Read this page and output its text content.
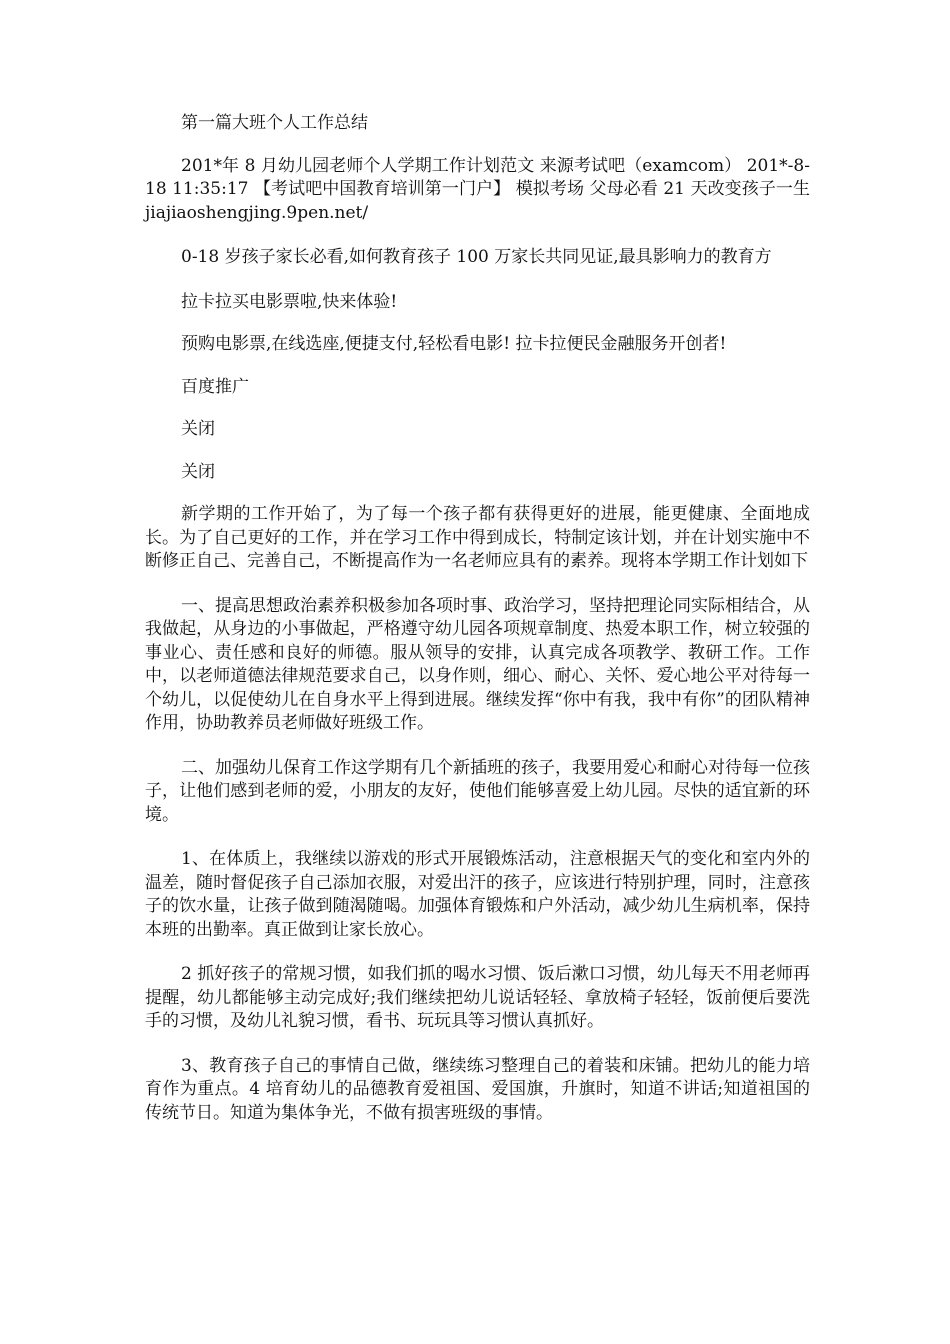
第一篇大班个人工作总结

201*年 8 月幼儿园老师个人学期工作计划范文 来源考试吧（examcom） 201*-8-18 11:35:17 【考试吧中国教育培训第一门户】 模拟考场 父母必看 21 天改变孩子一生 jiajiaoshengjing.9pen.net/

0-18 岁孩子家长必看,如何教育孩子 100 万家长共同见证,最具影响力的教育方

拉卡拉买电影票啦,快来体验!

预购电影票,在线选座,便捷支付,轻松看电影! 拉卡拉便民金融服务开创者!

百度推广

关闭

关闭

新学期的工作开始了，为了每一个孩子都有获得更好的进展，能更健康、全面地成长。为了自己更好的工作，并在学习工作中得到成长，特制定该计划，并在计划实施中不断修正自己、完善自己，不断提高作为一名老师应具有的素养。现将本学期工作计划如下

一、提高思想政治素养积极参加各项时事、政治学习，坚持把理论同实际相结合，从我做起，从身边的小事做起，严格遵守幼儿园各项规章制度、热爱本职工作，树立较强的事业心、责任感和良好的师德。服从领导的安排，认真完成各项教学、教研工作。工作中，以老师道德法律规范要求自己，以身作则，细心、耐心、关怀、爱心地公平对待每一个幼儿，以促使幼儿在自身水平上得到进展。继续发挥“你中有我，我中有你”的团队精神作用，协助教养员老师做好班级工作。

二、加强幼儿保育工作这学期有几个新插班的孩子，我要用爱心和耐心对待每一位孩子，让他们感到老师的爱，小朋友的友好，使他们能够喜爱上幼儿园。尽快的适宜新的环境。

1、在体质上，我继续以游戏的形式开展锻炼活动，注意根据天气的变化和室内外的温差，随时督促孩子自己添加衣服，对爱出汗的孩子，应该进行特别护理，同时，注意孩子的饮水量，让孩子做到随渴随喝。加强体育锻炼和户外活动，减少幼儿生病机率，保持本班的出勤率。真正做到让家长放心。

2 抓好孩子的常规习惯，如我们抓的喝水习惯、饭后漱口习惯，幼儿每天不用老师再提醒，幼儿都能够主动完成好;我们继续把幼儿说话轻轻、拿放椅子轻轻，饭前便后要洗手的习惯，及幼儿礼貌习惯，看书、玩玩具等习惯认真抓好。

3、教育孩子自己的事情自己做，继续练习整理自己的着装和床铺。把幼儿的能力培育作为重点。4 培育幼儿的品德教育爱祖国、爱国旗，升旗时，知道不讲话;知道祖国的传统节日。知道为集体争光，不做有损害班级的事情。
